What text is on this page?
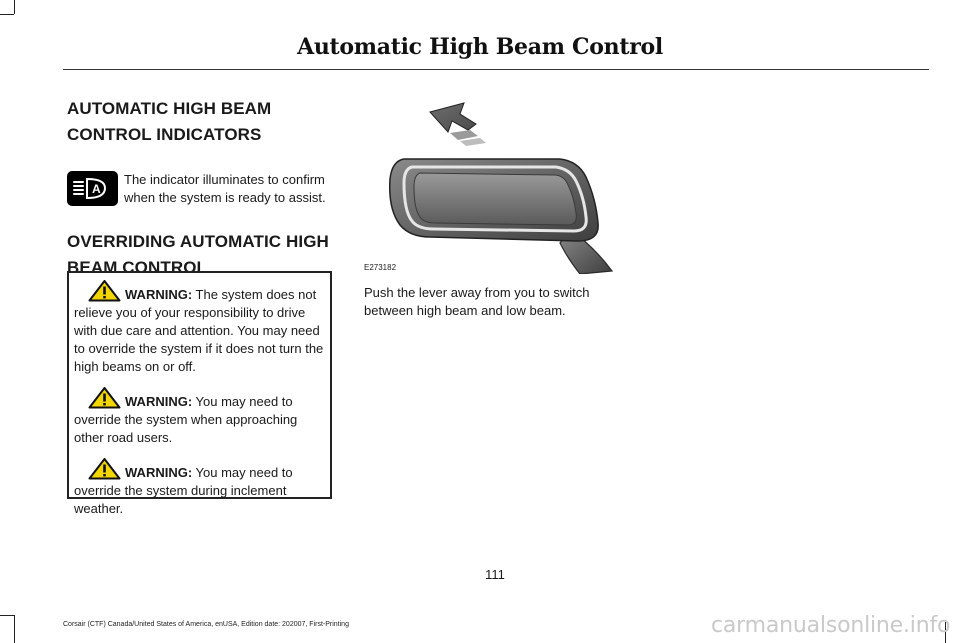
Automatic High Beam Control
AUTOMATIC HIGH BEAM CONTROL INDICATORS
A
The indicator illuminates to confirm when the system is ready to assist.
OVERRIDING AUTOMATIC HIGH BEAM CONTROL

WARNING: The system does not relieve you of your responsibility to drive with due care and attention. You may need to override the system if it does not turn the high beams on or off.

WARNING: You may need to override the system when approaching other road users.

WARNING: You may need to override the system during inclement weather.

E273182
Push the lever away from you to switch between high beam and low beam.
111
Corsair (CTF) Canada/United States of America, enUSA, Edition date: 202007, First-Printing	carmanualsonline.info
